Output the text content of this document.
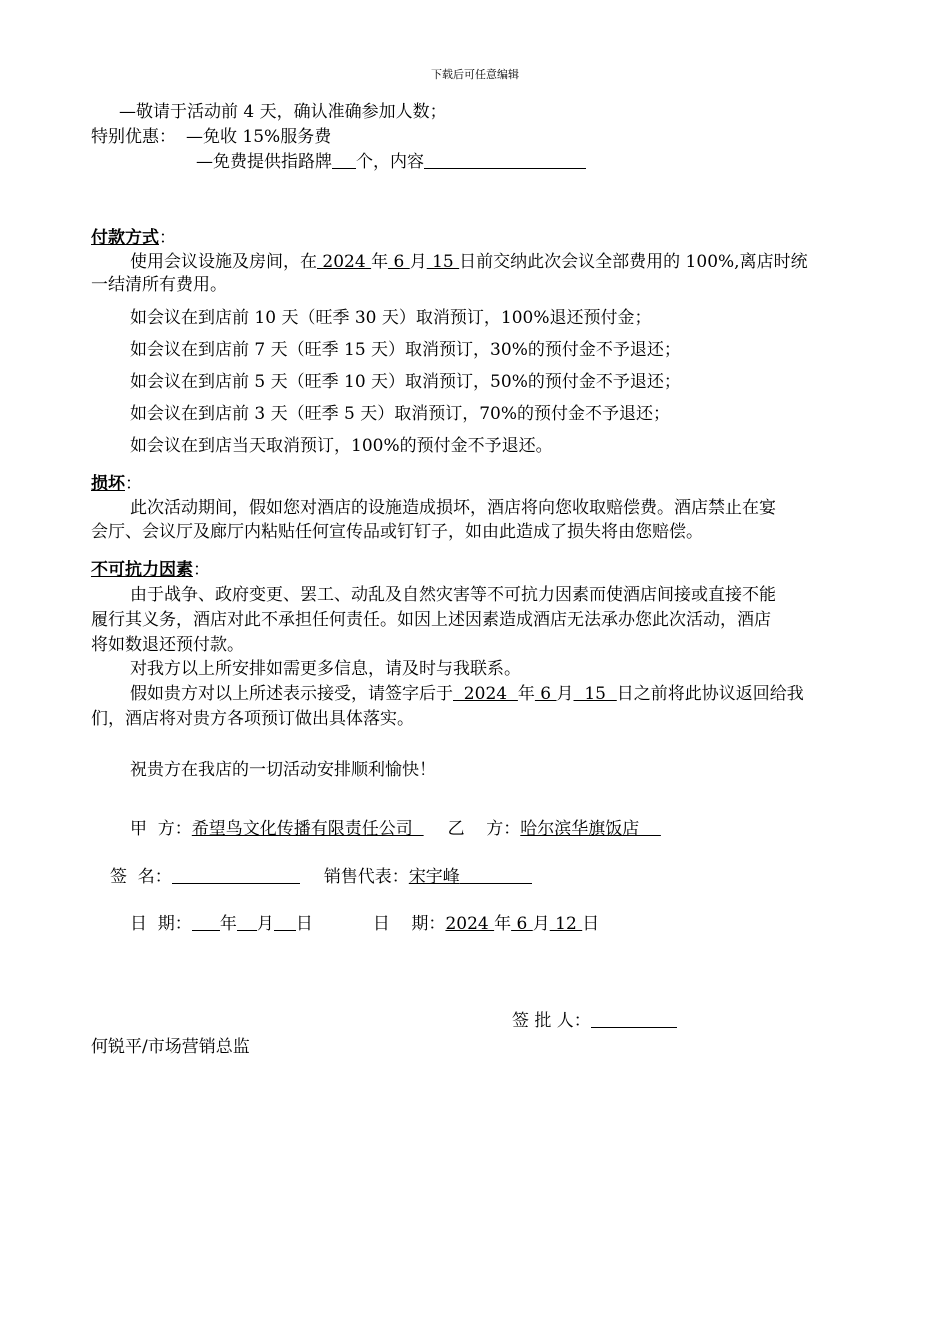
下载后可任意编辑
—敬请于活动前 4 天，确认准确参加人数；
特别优惠： —免收 15%服务费
—免费提供指路牌 个，内容
付款方式：
使用会议设施及房间，在 2024 年 6 月 15 日前交纳此次会议全部费用的 100%,离店时统
一结清所有费用。
如会议在到店前 10 天（旺季 30 天）取消预订，100%退还预付金；
如会议在到店前 7 天（旺季 15 天）取消预订，30%的预付金不予退还；
如会议在到店前 5 天（旺季 10 天）取消预订，50%的预付金不予退还；
如会议在到店前 3 天（旺季 5 天）取消预订，70%的预付金不予退还；
如会议在到店当天取消预订，100%的预付金不予退还。
损坏：
此次活动期间，假如您对酒店的设施造成损坏，酒店将向您收取赔偿费。酒店禁止在宴
会厅、会议厅及廊厅内粘贴任何宣传品或钉钉子，如由此造成了损失将由您赔偿。
不可抗力因素：
由于战争、政府变更、罢工、动乱及自然灾害等不可抗力因素而使酒店间接或直接不能
履行其义务，酒店对此不承担任何责任。如因上述因素造成酒店无法承办您此次活动，酒店
将如数退还预付款。
对我方以上所安排如需更多信息，请及时与我联系。
假如贵方对以上所述表示接受，请签字后于  2024  年 6 月  15  日之前将此协议返回给我
们，酒店将对贵方各项预订做出具体落实。
祝贵方在我店的一切活动安排顺利愉快！
甲  方：希望鸟文化传播有限责任公司  乙    方：哈尔滨华旗饭店
签  名：	销售代表：宋宇峰
日  期： 年 月 日	日    期：2024 年 6 月 12 日
签 批 人：
何锐平/市场营销总监
